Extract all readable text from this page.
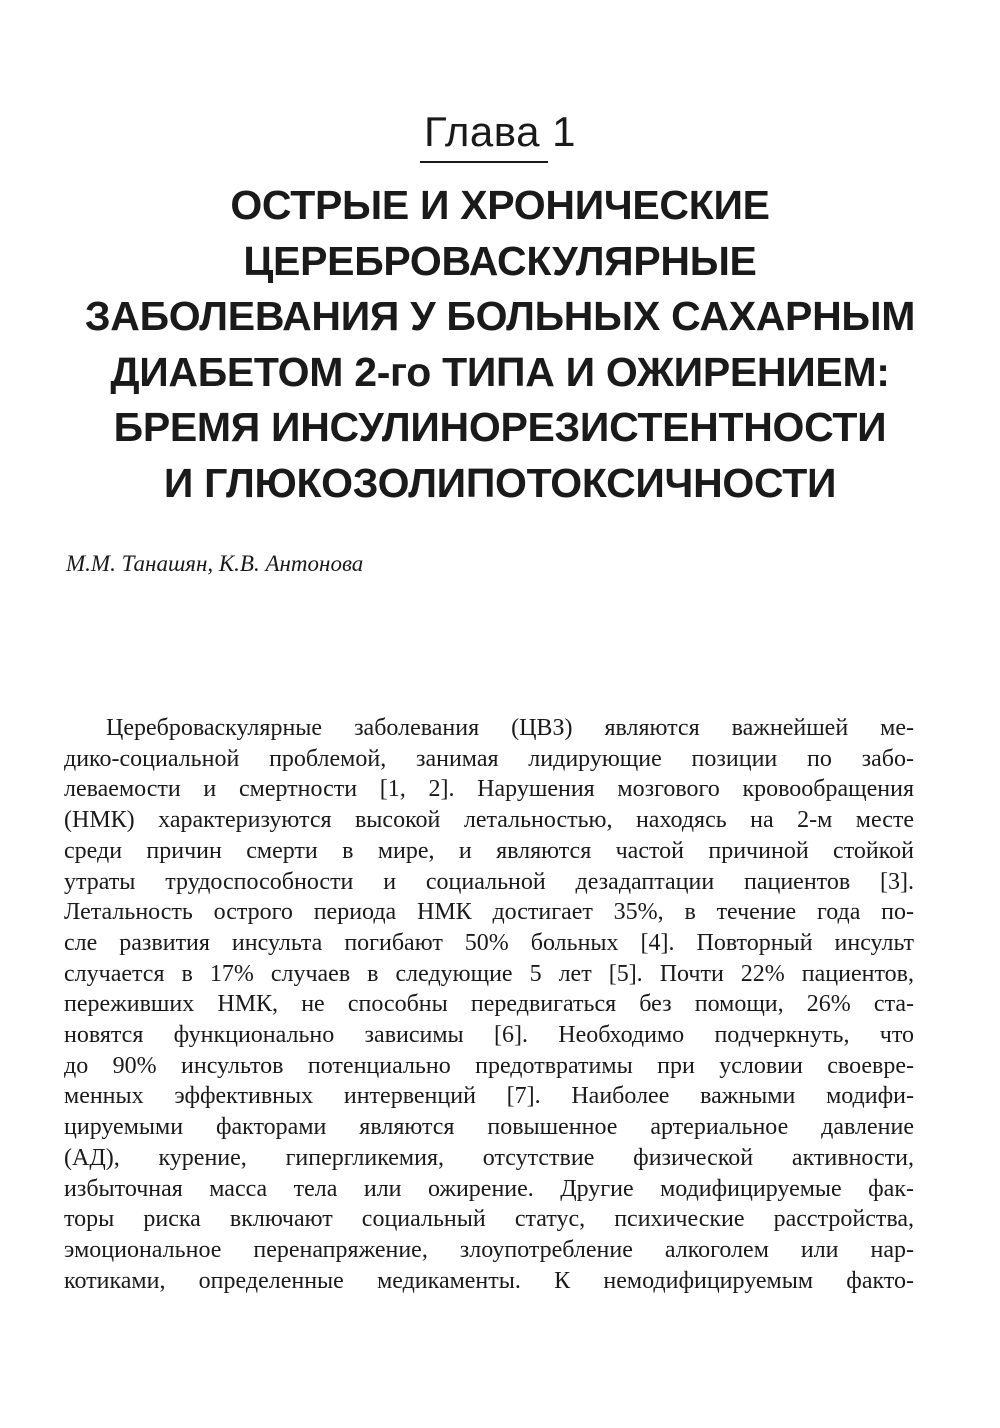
Глава 1
ОСТРЫЕ И ХРОНИЧЕСКИЕ
ЦЕРЕБРОВАСКУЛЯРНЫЕ
ЗАБОЛЕВАНИЯ У БОЛЬНЫХ САХАРНЫМ
ДИАБЕТОМ 2-го ТИПА И ОЖИРЕНИЕМ:
БРЕМЯ ИНСУЛИНОРЕЗИСТЕНТНОСТИ
И ГЛЮКОЗОЛИПОТОКСИЧНОСТИ
М.М. Танашян, К.В. Антонова
Цереброваскулярные заболевания (ЦВЗ) являются важнейшей ме-
дико-социальной проблемой, занимая лидирующие позиции по забо-
леваемости и смертности [1, 2]. Нарушения мозгового кровообращения
(НМК) характеризуются высокой летальностью, находясь на 2-м месте
среди причин смерти в мире, и являются частой причиной стойкой
утраты трудоспособности и социальной дезадаптации пациентов [3].
Летальность острого периода НМК достигает 35%, в течение года по-
сле развития инсульта погибают 50% больных [4]. Повторный инсульт
случается в 17% случаев в следующие 5 лет [5]. Почти 22% пациентов,
переживших НМК, не способны передвигаться без помощи, 26% ста-
новятся функционально зависимы [6]. Необходимо подчеркнуть, что
до 90% инсультов потенциально предотвратимы при условии своевре-
менных эффективных интервенций [7]. Наиболее важными модифи-
цируемыми факторами являются повышенное артериальное давление
(АД), курение, гипергликемия, отсутствие физической активности,
избыточная масса тела или ожирение. Другие модифицируемые фак-
торы риска включают социальный статус, психические расстройства,
эмоциональное перенапряжение, злоупотребление алкоголем или нар-
котиками, определенные медикаменты. К немодифицируемым факто-
